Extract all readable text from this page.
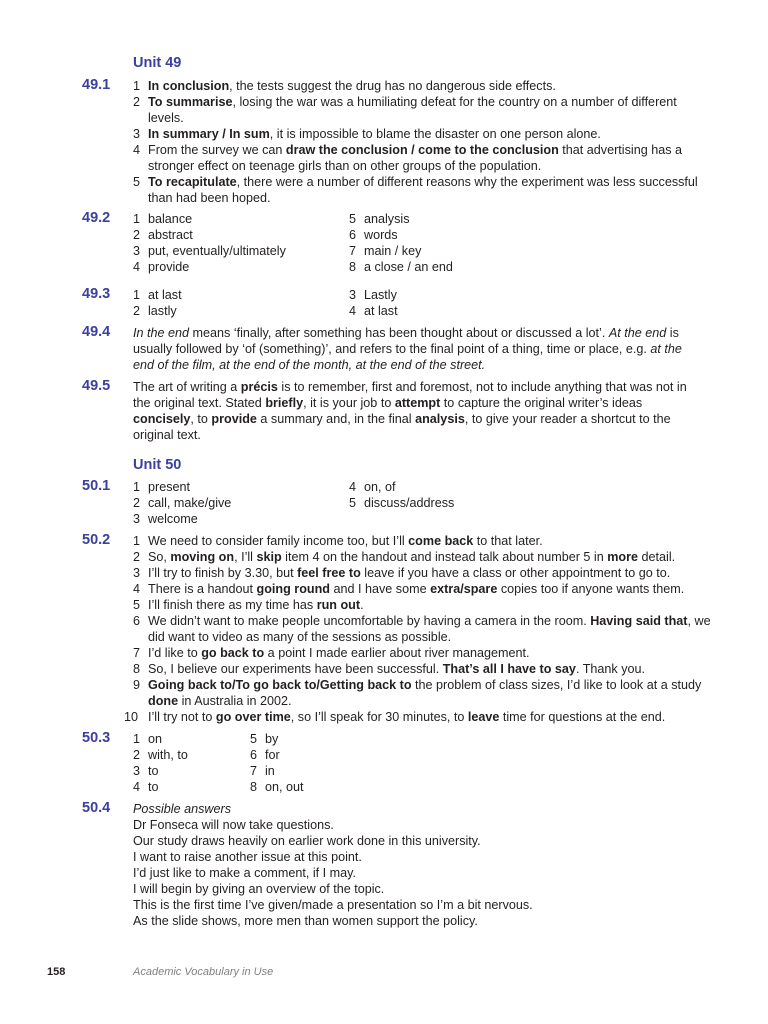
Unit 49
49.1 1 In conclusion, the tests suggest the drug has no dangerous side effects.
2 To summarise, losing the war was a humiliating defeat for the country on a number of different levels.
3 In summary / In sum, it is impossible to blame the disaster on one person alone.
4 From the survey we can draw the conclusion / come to the conclusion that advertising has a stronger effect on teenage girls than on other groups of the population.
5 To recapitulate, there were a number of different reasons why the experiment was less successful than had been hoped.
49.2 1 balance
2 abstract
3 put, eventually/ultimately
4 provide
5 analysis
6 words
7 main / key
8 a close / an end
49.3 1 at last
2 lastly
3 Lastly
4 at last
49.4 In the end means ‘finally, after something has been thought about or discussed a lot’. At the end is usually followed by ‘of (something)’, and refers to the final point of a thing, time or place, e.g. at the end of the film, at the end of the month, at the end of the street.
49.5 The art of writing a précis is to remember, first and foremost, not to include anything that was not in the original text. Stated briefly, it is your job to attempt to capture the original writer’s ideas concisely, to provide a summary and, in the final analysis, to give your reader a shortcut to the original text.
Unit 50
50.1 1 present
2 call, make/give
3 welcome
4 on, of
5 discuss/address
50.2 1 We need to consider family income too, but I’ll come back to that later.
2 So, moving on, I’ll skip item 4 on the handout and instead talk about number 5 in more detail.
3 I’ll try to finish by 3.30, but feel free to leave if you have a class or other appointment to go to.
4 There is a handout going round and I have some extra/spare copies too if anyone wants them.
5 I’ll finish there as my time has run out.
6 We didn’t want to make people uncomfortable by having a camera in the room. Having said that, we did want to video as many of the sessions as possible.
7 I’d like to go back to a point I made earlier about river management.
8 So, I believe our experiments have been successful. That’s all I have to say. Thank you.
9 Going back to/To go back to/Getting back to the problem of class sizes, I’d like to look at a study done in Australia in 2002.
10 I’ll try not to go over time, so I’ll speak for 30 minutes, to leave time for questions at the end.
50.3 1 on
2 with, to
3 to
4 to
5 by
6 for
7 in
8 on, out
50.4 Possible answers
Dr Fonseca will now take questions.
Our study draws heavily on earlier work done in this university.
I want to raise another issue at this point.
I’d just like to make a comment, if I may.
I will begin by giving an overview of the topic.
This is the first time I’ve given/made a presentation so I’m a bit nervous.
As the slide shows, more men than women support the policy.
158	Academic Vocabulary in Use
